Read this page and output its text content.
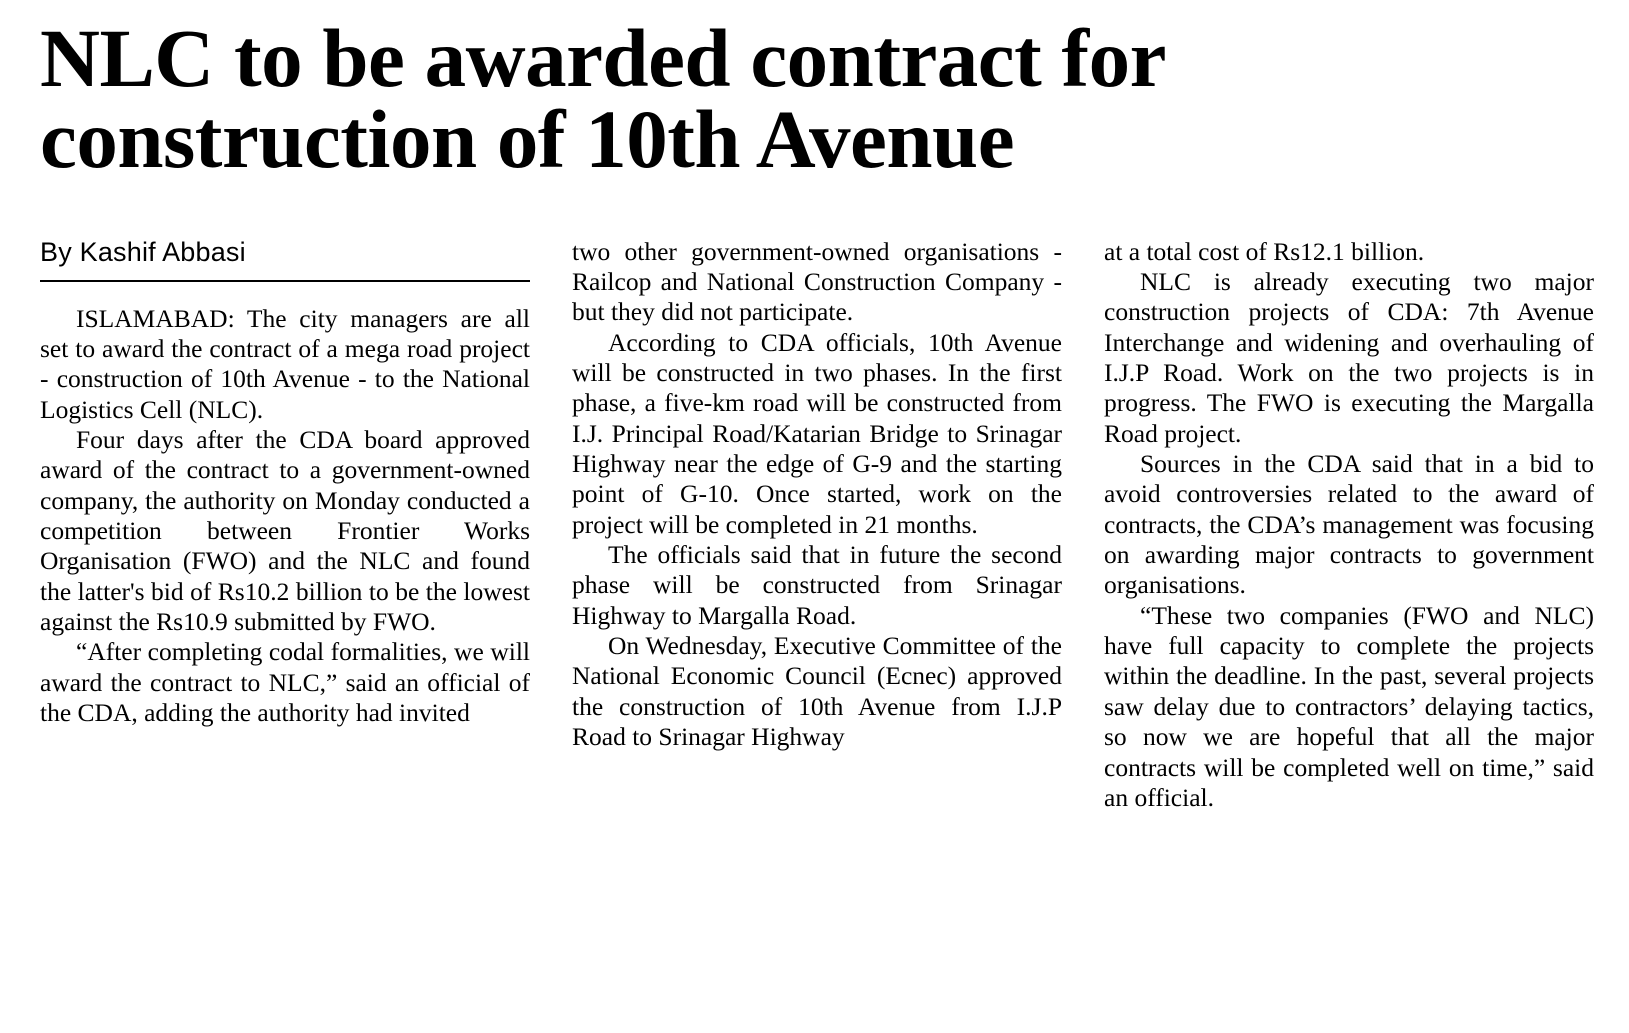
NLC to be awarded contract for
construction of 10th Avenue
By Kashif Abbasi

ISLAMABAD: The city managers are all set to award the contract of a mega road project - construction of 10th Avenue - to the National Logistics Cell (NLC).

Four days after the CDA board approved award of the contract to a government-owned company, the authority on Monday conducted a competition between Frontier Works Organisation (FWO) and the NLC and found the latter's bid of Rs10.2 billion to be the lowest against the Rs10.9 submitted by FWO.

“After completing codal formalities, we will award the contract to NLC,” said an official of the CDA, adding the authority had invited

two other government-owned organisations - Railcop and National Construction Company - but they did not participate.

According to CDA officials, 10th Avenue will be constructed in two phases. In the first phase, a five-km road will be constructed from I.J. Principal Road/Katarian Bridge to Srinagar Highway near the edge of G-9 and the starting point of G-10. Once started, work on the project will be completed in 21 months.

The officials said that in future the second phase will be constructed from Srinagar Highway to Margalla Road.

On Wednesday, Executive Committee of the National Economic Council (Ecnec) approved the construction of 10th Avenue from I.J.P Road to Srinagar Highway

at a total cost of Rs12.1 billion.

NLC is already executing two major construction projects of CDA: 7th Avenue Interchange and widening and overhauling of I.J.P Road. Work on the two projects is in progress. The FWO is executing the Margalla Road project.

Sources in the CDA said that in a bid to avoid controversies related to the award of contracts, the CDA’s management was focusing on awarding major contracts to government organisations.

“These two companies (FWO and NLC) have full capacity to complete the projects within the deadline. In the past, several projects saw delay due to contractors’ delaying tactics, so now we are hopeful that all the major contracts will be completed well on time,” said an official.
